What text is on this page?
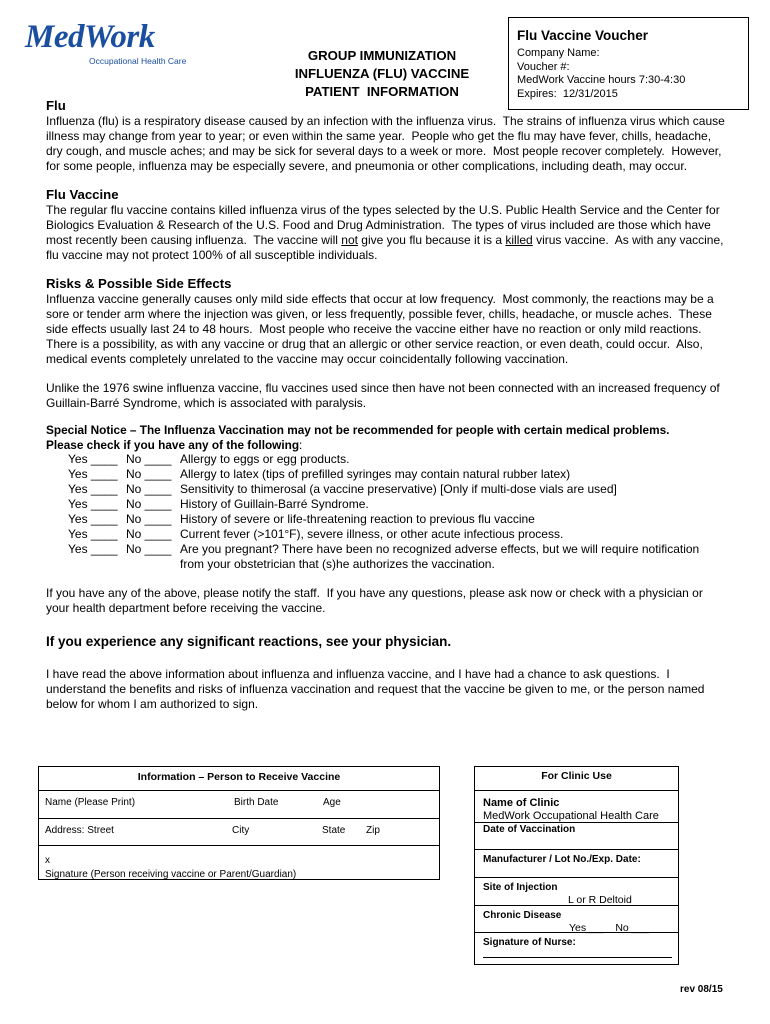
MedWork
Occupational Health Care	GROUP IMMUNIZATION
INFLUENZA (FLU) VACCINE
PATIENT  INFORMATION
Flu Vaccine Voucher
Company Name:
Voucher #:
MedWork Vaccine hours 7:30-4:30
Expires:  12/31/2015
Flu
Influenza (flu) is a respiratory disease caused by an infection with the influenza virus.  The strains of influenza virus which cause illness may change from year to year; or even within the same year.  People who get the flu may have fever, chills, headache, dry cough, and muscle aches; and may be sick for several days to a week or more.  Most people recover completely.  However, for some people, influenza may be especially severe, and pneumonia or other complications, including death, may occur.
Flu Vaccine
The regular flu vaccine contains killed influenza virus of the types selected by the U.S. Public Health Service and the Center for Biologics Evaluation & Research of the U.S. Food and Drug Administration.  The types of virus included are those which have most recently been causing influenza.  The vaccine will not give you flu because it is a killed virus vaccine.  As with any vaccine, flu vaccine may not protect 100% of all susceptible individuals.
Risks & Possible Side Effects
Influenza vaccine generally causes only mild side effects that occur at low frequency.  Most commonly, the reactions may be a sore or tender arm where the injection was given, or less frequently, possible fever, chills, headache, or muscle aches.  These side effects usually last 24 to 48 hours.  Most people who receive the vaccine either have no reaction or only mild reactions.  There is a possibility, as with any vaccine or drug that an allergic or other service reaction, or even death, could occur.  Also, medical events completely unrelated to the vaccine may occur coincidentally following vaccination.
Unlike the 1976 swine influenza vaccine, flu vaccines used since then have not been connected with an increased frequency of Guillain-Barré Syndrome, which is associated with paralysis.
Special Notice – The Influenza Vaccination may not be recommended for people with certain medical problems.
Please check if you have any of the following:
Yes ____ No ____ Allergy to eggs or egg products.
Yes ____ No ____ Allergy to latex (tips of prefilled syringes may contain natural rubber latex)
Yes ____ No ____ Sensitivity to thimerosal (a vaccine preservative) [Only if multi-dose vials are used]
Yes ____ No ____ History of Guillain-Barré Syndrome.
Yes ____ No ____ History of severe or life-threatening reaction to previous flu vaccine
Yes ____ No ____ Current fever (>101°F), severe illness, or other acute infectious process.
Yes ____ No ____ Are you pregnant? There have been no recognized adverse effects, but we will require notification from your obstetrician that (s)he authorizes the vaccination.
If you have any of the above, please notify the staff.  If you have any questions, please ask now or check with a physician or your health department before receiving the vaccine.
If you experience any significant reactions, see your physician.
I have read the above information about influenza and influenza vaccine, and I have had a chance to ask questions.  I understand the benefits and risks of influenza vaccination and request that the vaccine be given to me, or the person named below for whom I am authorized to sign.
Information – Person to Receive Vaccine
Name (Please Print)	Birth Date	Age
Address: Street	City	State Zip
x
Signature (Person receiving vaccine or Parent/Guardian)
For Clinic Use
Name of Clinic
MedWork Occupational Health Care
Date of Vaccination
Manufacturer / Lot No./Exp. Date:
Site of Injection
L or R Deltoid
Chronic Disease
Yes___ No ___
Signature of Nurse:
rev 08/15
